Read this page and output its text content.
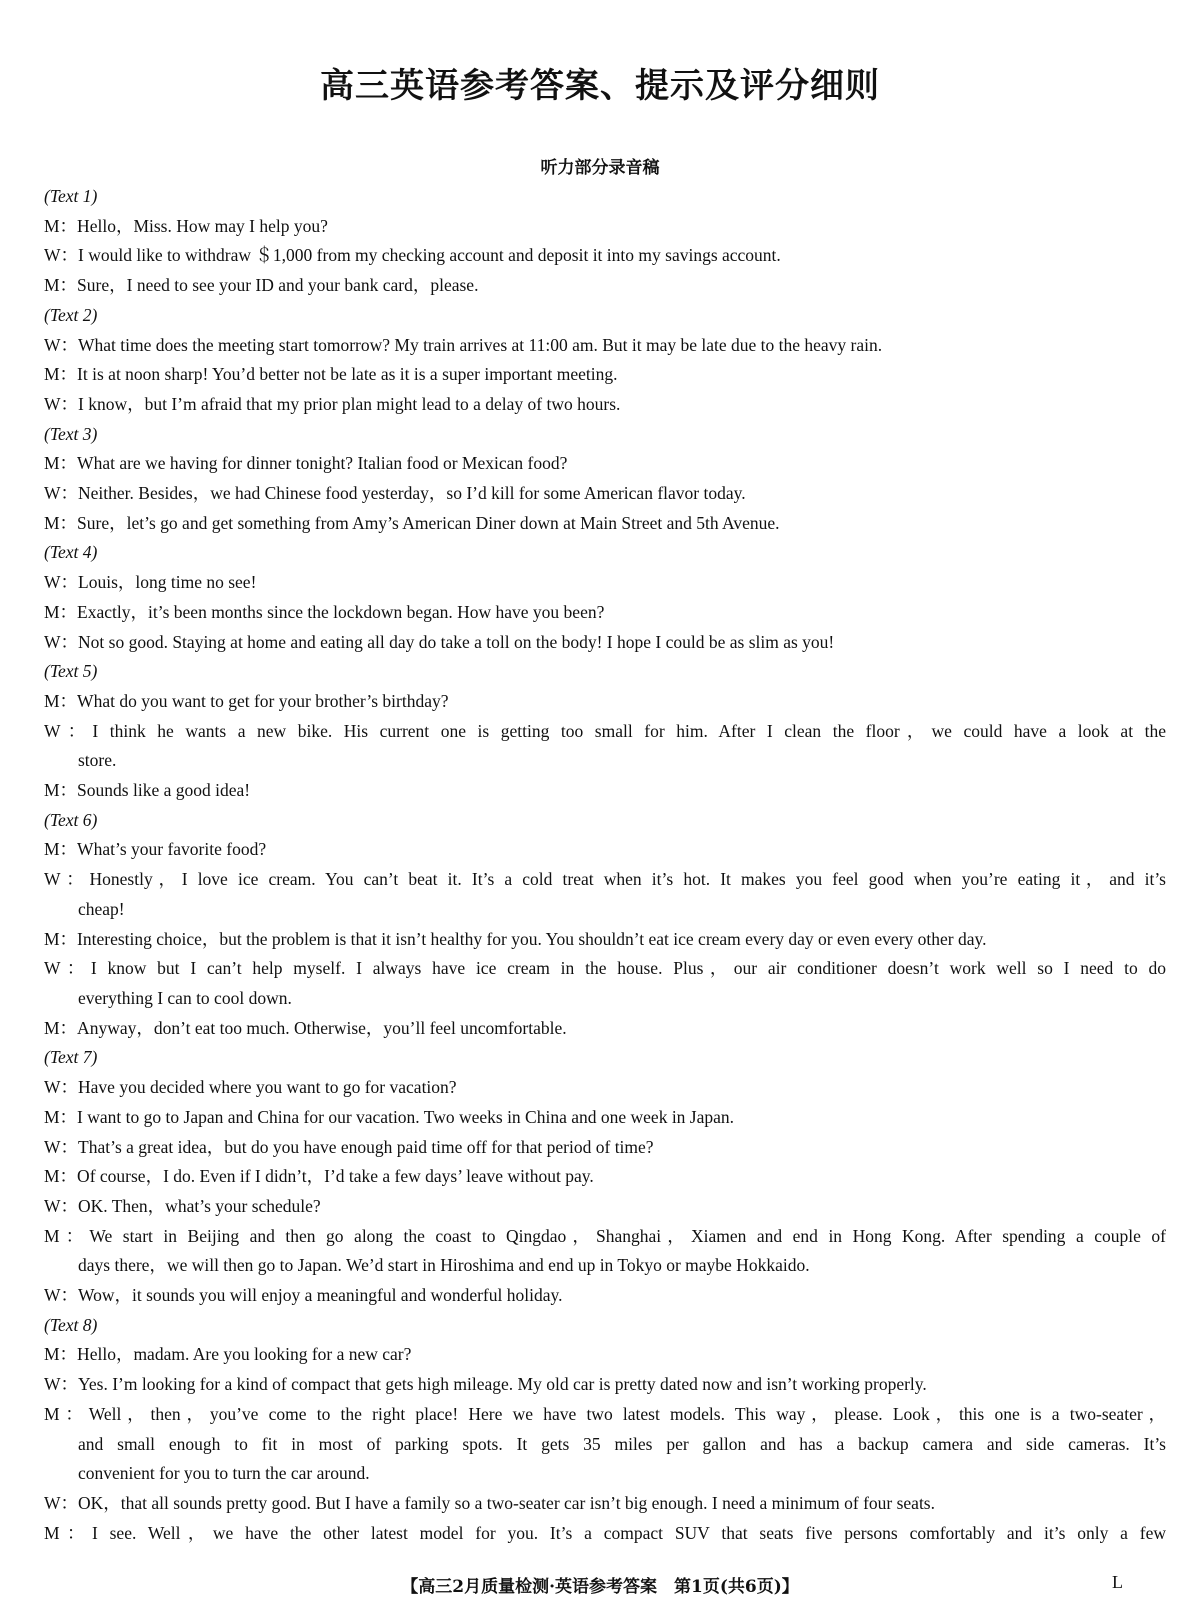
高三英语参考答案、提示及评分细则
听力部分录音稿
(Text 1)
M：Hello，Miss. How may I help you?
W：I would like to withdraw ＄1,000 from my checking account and deposit it into my savings account.
M：Sure，I need to see your ID and your bank card，please.
(Text 2)
W：What time does the meeting start tomorrow? My train arrives at 11:00 am. But it may be late due to the heavy rain.
M：It is at noon sharp! You’d better not be late as it is a super important meeting.
W：I know，but I’m afraid that my prior plan might lead to a delay of two hours.
(Text 3)
M：What are we having for dinner tonight? Italian food or Mexican food?
W：Neither. Besides，we had Chinese food yesterday，so I’d kill for some American flavor today.
M：Sure，let’s go and get something from Amy’s American Diner down at Main Street and 5th Avenue.
(Text 4)
W：Louis，long time no see!
M：Exactly，it’s been months since the lockdown began. How have you been?
W：Not so good. Staying at home and eating all day do take a toll on the body! I hope I could be as slim as you!
(Text 5)
M：What do you want to get for your brother’s birthday?
W：I think he wants a new bike. His current one is getting too small for him. After I clean the floor，we could have a look at the
store.
M：Sounds like a good idea!
(Text 6)
M：What’s your favorite food?
W：Honestly，I love ice cream. You can’t beat it. It’s a cold treat when it’s hot. It makes you feel good when you’re eating it，and it’s
cheap!
M：Interesting choice，but the problem is that it isn’t healthy for you. You shouldn’t eat ice cream every day or even every other day.
W：I know but I can’t help myself. I always have ice cream in the house. Plus，our air conditioner doesn’t work well so I need to do
everything I can to cool down.
M：Anyway，don’t eat too much. Otherwise，you’ll feel uncomfortable.
(Text 7)
W：Have you decided where you want to go for vacation?
M：I want to go to Japan and China for our vacation. Two weeks in China and one week in Japan.
W：That’s a great idea，but do you have enough paid time off for that period of time?
M：Of course，I do. Even if I didn’t，I’d take a few days’ leave without pay.
W：OK. Then，what’s your schedule?
M：We start in Beijing and then go along the coast to Qingdao，Shanghai，Xiamen and end in Hong Kong. After spending a couple of
days there，we will then go to Japan. We’d start in Hiroshima and end up in Tokyo or maybe Hokkaido.
W：Wow，it sounds you will enjoy a meaningful and wonderful holiday.
(Text 8)
M：Hello，madam. Are you looking for a new car?
W：Yes. I’m looking for a kind of compact that gets high mileage. My old car is pretty dated now and isn’t working properly.
M：Well，then，you’ve come to the right place! Here we have two latest models. This way，please. Look，this one is a two-seater，
and small enough to fit in most of parking spots. It gets 35 miles per gallon and has a backup camera and side cameras. It’s
convenient for you to turn the car around.
W：OK，that all sounds pretty good. But I have a family so a two-seater car isn’t big enough. I need a minimum of four seats.
M：I see. Well，we have the other latest model for you. It’s a compact SUV that seats five persons comfortably and it’s only a few
【高三2月质量检测·英语参考答案　第1页(共6页)】	L
